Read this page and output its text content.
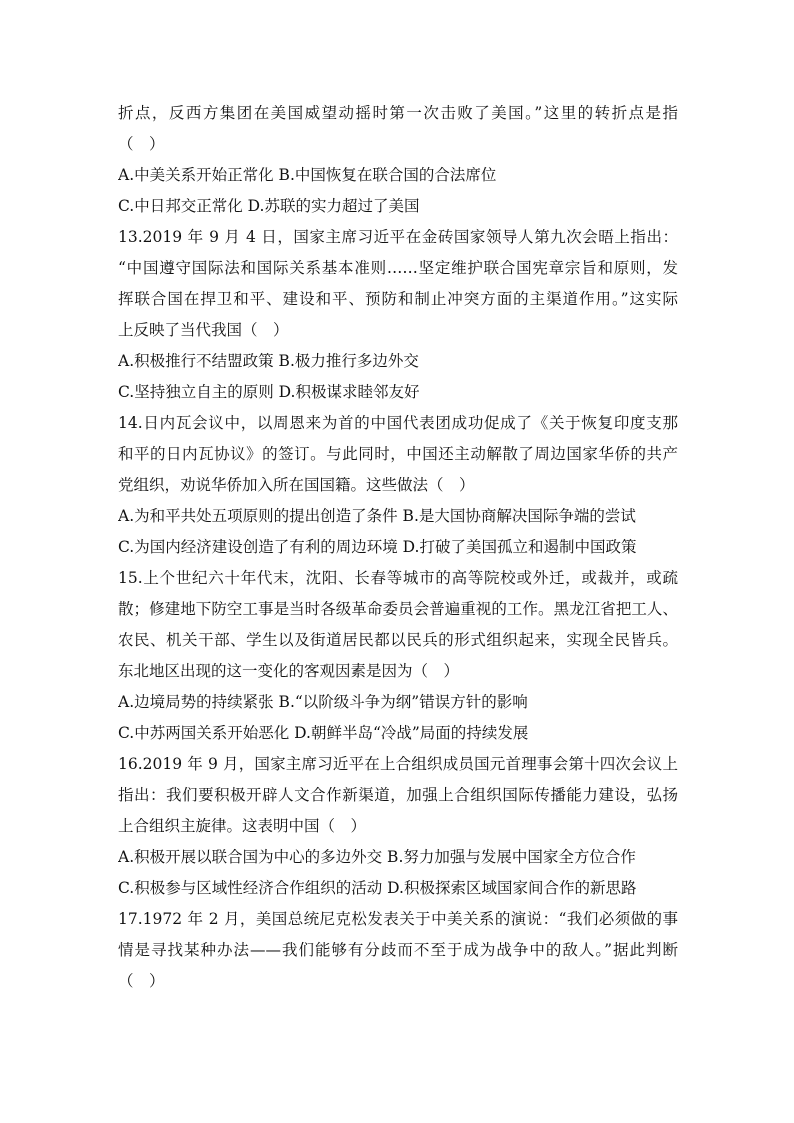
折点，反西方集团在美国威望动摇时第一次击败了美国。”这里的转折点是指
（　）
A.中美关系开始正常化 B.中国恢复在联合国的合法席位
C.中日邦交正常化 D.苏联的实力超过了美国
13.2019 年 9 月 4 日，国家主席习近平在金砖国家领导人第九次会晤上指出：
“中国遵守国际法和国际关系基本准则……坚定维护联合国宪章宗旨和原则，发
挥联合国在捍卫和平、建设和平、预防和制止冲突方面的主渠道作用。”这实际
上反映了当代我国（　）
A.积极推行不结盟政策 B.极力推行多边外交
C.坚持独立自主的原则 D.积极谋求睦邻友好
14.日内瓦会议中，以周恩来为首的中国代表团成功促成了《关于恢复印度支那
和平的日内瓦协议》的签订。与此同时，中国还主动解散了周边国家华侨的共产
党组织，劝说华侨加入所在国国籍。这些做法（　）
A.为和平共处五项原则的提出创造了条件 B.是大国协商解决国际争端的尝试
C.为国内经济建设创造了有利的周边环境 D.打破了美国孤立和遏制中国政策
15.上个世纪六十年代末，沈阳、长春等城市的高等院校或外迁，或裁并，或疏
散；修建地下防空工事是当时各级革命委员会普遍重视的工作。黑龙江省把工人、
农民、机关干部、学生以及街道居民都以民兵的形式组织起来，实现全民皆兵。
东北地区出现的这一变化的客观因素是因为（　）
A.边境局势的持续紧张 B.“以阶级斗争为纲”错误方针的影响
C.中苏两国关系开始恶化 D.朝鲜半岛“冷战”局面的持续发展
16.2019 年 9 月，国家主席习近平在上合组织成员国元首理事会第十四次会议上
指出：我们要积极开辟人文合作新渠道，加强上合组织国际传播能力建设，弘扬
上合组织主旋律。这表明中国（　）
A.积极开展以联合国为中心的多边外交 B.努力加强与发展中国家全方位合作
C.积极参与区域性经济合作组织的活动 D.积极探索区域国家间合作的新思路
17.1972 年 2 月，美国总统尼克松发表关于中美关系的演说：“我们必须做的事
情是寻找某种办法——我们能够有分歧而不至于成为战争中的敌人。”据此判断
（　）
